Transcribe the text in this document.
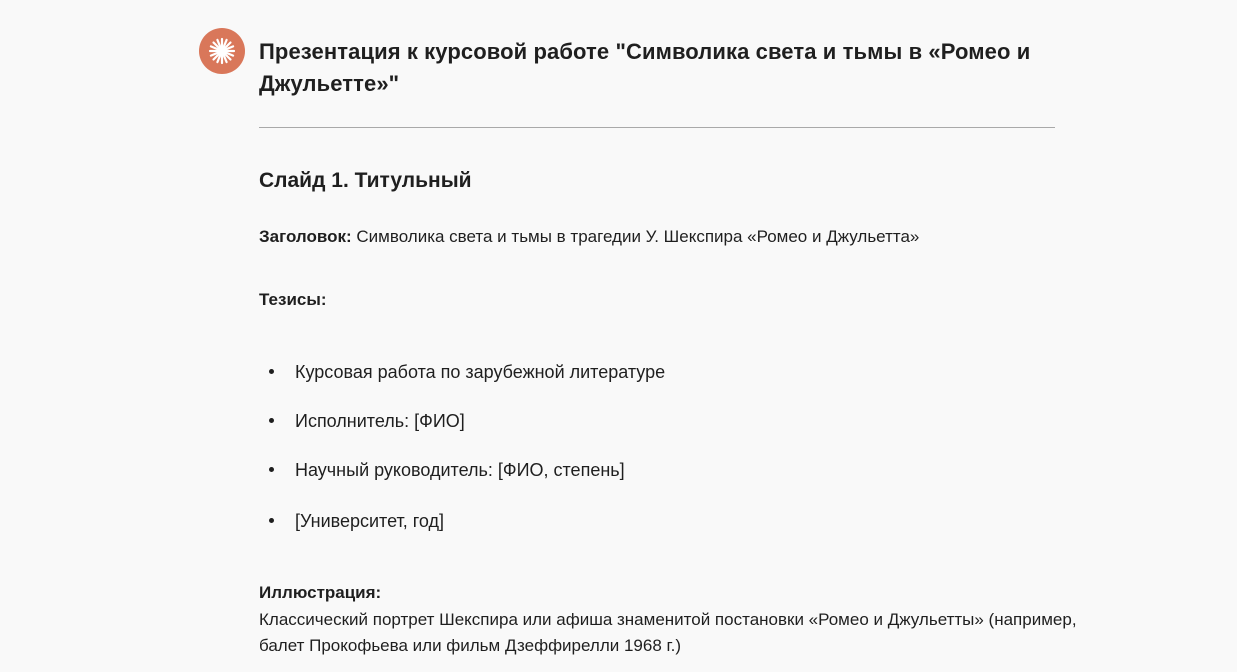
Презентация к курсовой работе "Символика света и тьмы в «Ромео и Джульетте»"
Слайд 1. Титульный

Заголовок: Символика света и тьмы в трагедии У. Шекспира «Ромео и Джульетта»

Тезисы:

Курсовая работа по зарубежной литературе
Исполнитель: [ФИО]
Научный руководитель: [ФИО, степень]
[Университет, год]

Иллюстрация:

Классический портрет Шекспира или афиша знаменитой постановки «Ромео и Джульетты» (например, балет Прокофьева или фильм Дзеффирелли 1968 г.)
